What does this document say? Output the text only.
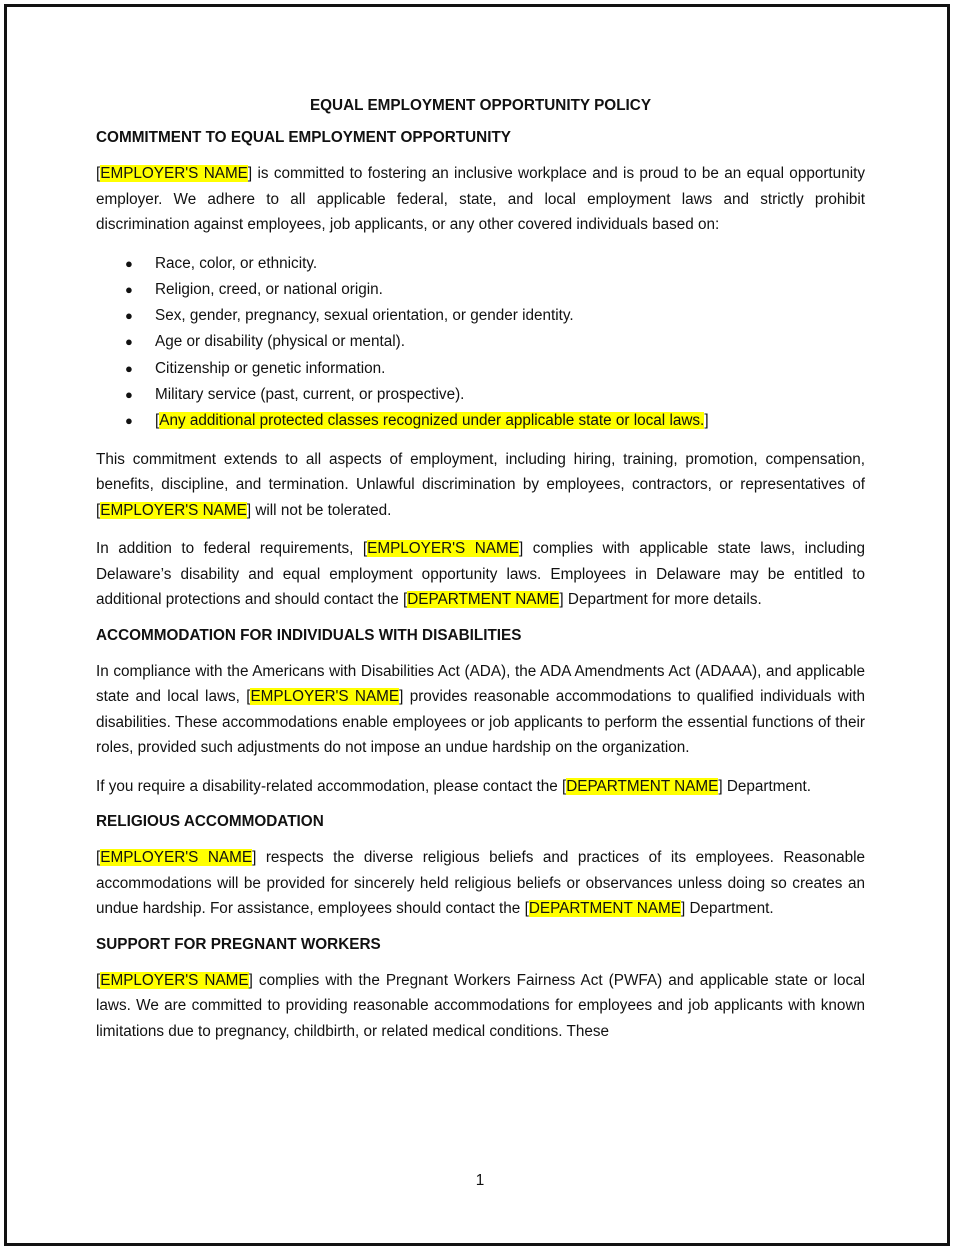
EQUAL EMPLOYMENT OPPORTUNITY POLICY
COMMITMENT TO EQUAL EMPLOYMENT OPPORTUNITY

[EMPLOYER'S NAME] is committed to fostering an inclusive workplace and is proud to be an equal opportunity employer. We adhere to all applicable federal, state, and local employment laws and strictly prohibit discrimination against employees, job applicants, or any other covered individuals based on:

● Race, color, or ethnicity.
● Religion, creed, or national origin.
● Sex, gender, pregnancy, sexual orientation, or gender identity.
● Age or disability (physical or mental).
● Citizenship or genetic information.
● Military service (past, current, or prospective).
● [Any additional protected classes recognized under applicable state or local laws.]

This commitment extends to all aspects of employment, including hiring, training, promotion, compensation, benefits, discipline, and termination. Unlawful discrimination by employees, contractors, or representatives of [EMPLOYER'S NAME] will not be tolerated.

In addition to federal requirements, [EMPLOYER'S NAME] complies with applicable state laws, including Delaware’s disability and equal employment opportunity laws. Employees in Delaware may be entitled to additional protections and should contact the [DEPARTMENT NAME] Department for more details.

ACCOMMODATION FOR INDIVIDUALS WITH DISABILITIES

In compliance with the Americans with Disabilities Act (ADA), the ADA Amendments Act (ADAAA), and applicable state and local laws, [EMPLOYER'S NAME] provides reasonable accommodations to qualified individuals with disabilities. These accommodations enable employees or job applicants to perform the essential functions of their roles, provided such adjustments do not impose an undue hardship on the organization.

If you require a disability-related accommodation, please contact the [DEPARTMENT NAME] Department.

RELIGIOUS ACCOMMODATION

[EMPLOYER'S NAME] respects the diverse religious beliefs and practices of its employees. Reasonable accommodations will be provided for sincerely held religious beliefs or observances unless doing so creates an undue hardship. For assistance, employees should contact the [DEPARTMENT NAME] Department.

SUPPORT FOR PREGNANT WORKERS

[EMPLOYER'S NAME] complies with the Pregnant Workers Fairness Act (PWFA) and applicable state or local laws. We are committed to providing reasonable accommodations for employees and job applicants with known limitations due to pregnancy, childbirth, or related medical conditions. These

1
